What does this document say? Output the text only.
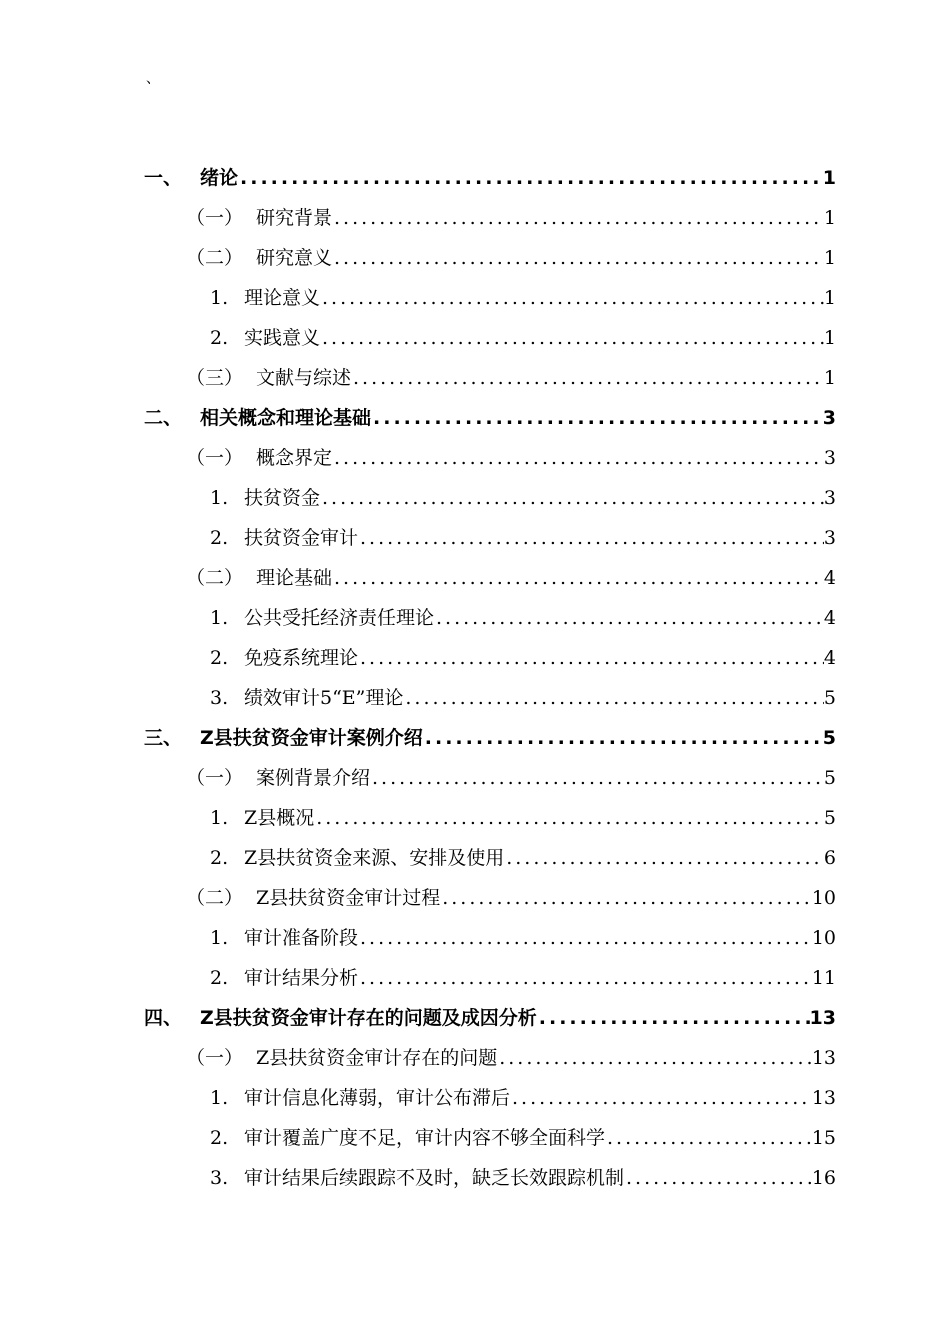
、
一、 绪论 .....	1
（一） 研究背景 .....	1
（二） 研究意义 .....	1
1. 理论意义 .....	1
2. 实践意义 .....	1
（三） 文献与综述 .....	1
二、 相关概念和理论基础 .....	3
（一） 概念界定 .....	3
1. 扶贫资金 .....	3
2. 扶贫资金审计 .....	3
（二） 理论基础 .....	4
1. 公共受托经济责任理论 .....	4
2. 免疫系统理论 .....	4
3. 绩效审计5“E”理论 .....	5
三、 Z县扶贫资金审计案例介绍 .....	5
（一） 案例背景介绍 .....	5
1. Z县概况 .....	5
2. Z县扶贫资金来源、安排及使用 .....	6
（二） Z县扶贫资金审计过程 .....	10
1. 审计准备阶段 .....	10
2. 审计结果分析 .....	11
四、 Z县扶贫资金审计存在的问题及成因分析 .....	13
（一） Z县扶贫资金审计存在的问题 .....	13
1. 审计信息化薄弱，审计公布滞后 .....	13
2. 审计覆盖广度不足，审计内容不够全面科学 .....	15
3. 审计结果后续跟踪不及时，缺乏长效跟踪机制 .....	16
